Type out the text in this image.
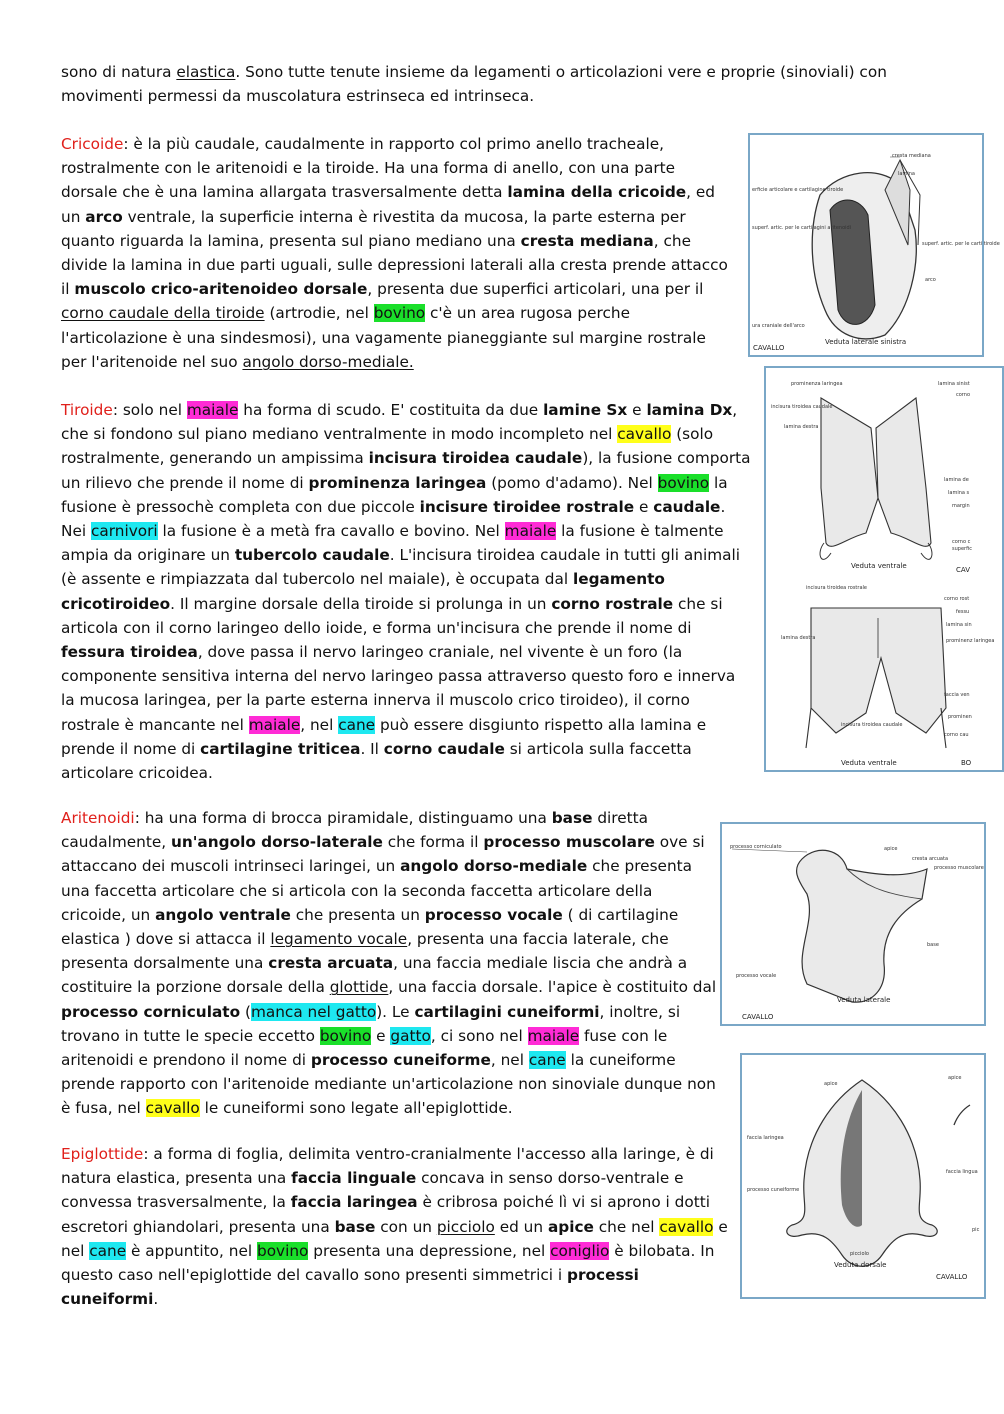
sono di natura elastica. Sono tutte tenute insieme da legamenti o articolazioni vere e proprie (sinoviali) con movimenti permessi da muscolatura estrinseca ed intrinseca.

Cricoide: è la più caudale, caudalmente in rapporto col primo anello tracheale, rostralmente con le aritenoidi e la tiroide. Ha una forma di anello, con una parte dorsale che è una lamina allargata trasversalmente detta lamina della cricoide, ed un arco ventrale, la superficie interna è rivestita da mucosa, la parte esterna per quanto riguarda la lamina, presenta sul piano mediano una cresta mediana, che divide la lamina in due parti uguali, sulle depressioni laterali alla cresta prende attacco il muscolo crico-aritenoideo dorsale, presenta due superfici articolari, una per il corno caudale della tiroide (artrodie, nel bovino c'è un area rugosa perche l'articolazione è una sindesmosi), una vagamente pianeggiante sul margine rostrale per l'aritenoide nel suo angolo dorso-mediale.

Tiroide: solo nel maiale ha forma di scudo. E' costituita da due lamine Sx e lamina Dx, che si fondono sul piano mediano ventralmente in modo incompleto nel cavallo (solo rostralmente, generando un ampissima incisura tiroidea caudale), la fusione comporta un rilievo che prende il nome di prominenza laringea (pomo d'adamo). Nel bovino la fusione è pressochè completa con due piccole incisure tiroidee rostrale e caudale. Nei carnivori la fusione è a metà fra cavallo e bovino. Nel maiale la fusione è talmente ampia da originare un tubercolo caudale. L'incisura tiroidea caudale in tutti gli animali (è assente e rimpiazzata dal tubercolo nel maiale), è occupata dal legamento cricotiroideo. Il margine dorsale della tiroide si prolunga in un corno rostrale che si articola con il corno laringeo dello ioide, e forma un'incisura che prende il nome di fessura tiroidea, dove passa il nervo laringeo craniale, nel vivente è un foro (la componente sensitiva interna del nervo laringeo passa attraverso questo foro e innerva la mucosa laringea, per la parte esterna innerva il muscolo crico tiroideo), il corno rostrale è mancante nel maiale, nel cane può essere disgiunto rispetto alla lamina e prende il nome di cartilagine triticea. Il corno caudale si articola sulla faccetta articolare cricoidea.

Aritenoidi: ha una forma di brocca piramidale, distinguamo una base diretta caudalmente, un'angolo dorso-laterale che forma il processo muscolare ove si attaccano dei muscoli intrinseci laringei, un angolo dorso-mediale che presenta una faccetta articolare che si articola con la seconda faccetta articolare della cricoide, un angolo ventrale che presenta un processo vocale ( di cartilagine elastica ) dove si attacca il legamento vocale, presenta una faccia laterale, che presenta dorsalmente una cresta arcuata, una faccia mediale liscia che andrà a costituire la porzione dorsale della glottide, una faccia dorsale. l'apice è costituito dal processo corniculato (manca nel gatto). Le cartilagini cuneiformi, inoltre, si trovano in tutte le specie eccetto bovino e gatto, ci sono nel maiale fuse con le aritenoidi e prendono il nome di processo cuneiforme, nel cane la cuneiforme prende rapporto con l'aritenoide mediante un'articolazione non sinoviale dunque non è fusa, nel cavallo le cuneiformi sono legate all'epiglottide.

Epiglottide: a forma di foglia, delimita ventro-cranialmente l'accesso alla laringe, è di natura elastica, presenta una faccia linguale concava in senso dorso-ventrale e convessa trasversalmente, la faccia laringea è cribrosa poiché lì vi si aprono i dotti escretori ghiandolari, presenta una base con un picciolo ed un apice che nel cavallo e nel cane è appuntito, nel bovino presenta una depressione, nel coniglio è bilobata. In questo caso nell'epiglottide del cavallo sono presenti simmetrici i processi cuneiformi.

cresta mediana
lamina
erficie articolare e cartilagine tiroide
superf. artic. per le cartilagini aritenoidi
superf. artic. per le carti tiroide
arco
ura craniale dell'arco
Veduta laterale sinistra
CAVALLO
prominenza laringea	lamina sinist
corno
incisura tiroidea caudale
lamina destra
lamina de
lamina s
margin
corno c
superfic
incisura tiroidea rostrale
corno rost
fessu
lamina sin
prominenz laringea
lamina destra
faccia ven
prominen
incisura tiroidea caudale
corno cau
Veduta ventrale	CAV
Veduta ventrale	BO
processo corniculato	apice
cresta arcuata
processo muscolare
base
processo vocale
Veduta laterale
CAVALLO
apice
apice
faccia laringea
faccia lingua
processo cuneiforme
picciolo
pic
Veduta dorsale
CAVALLO
